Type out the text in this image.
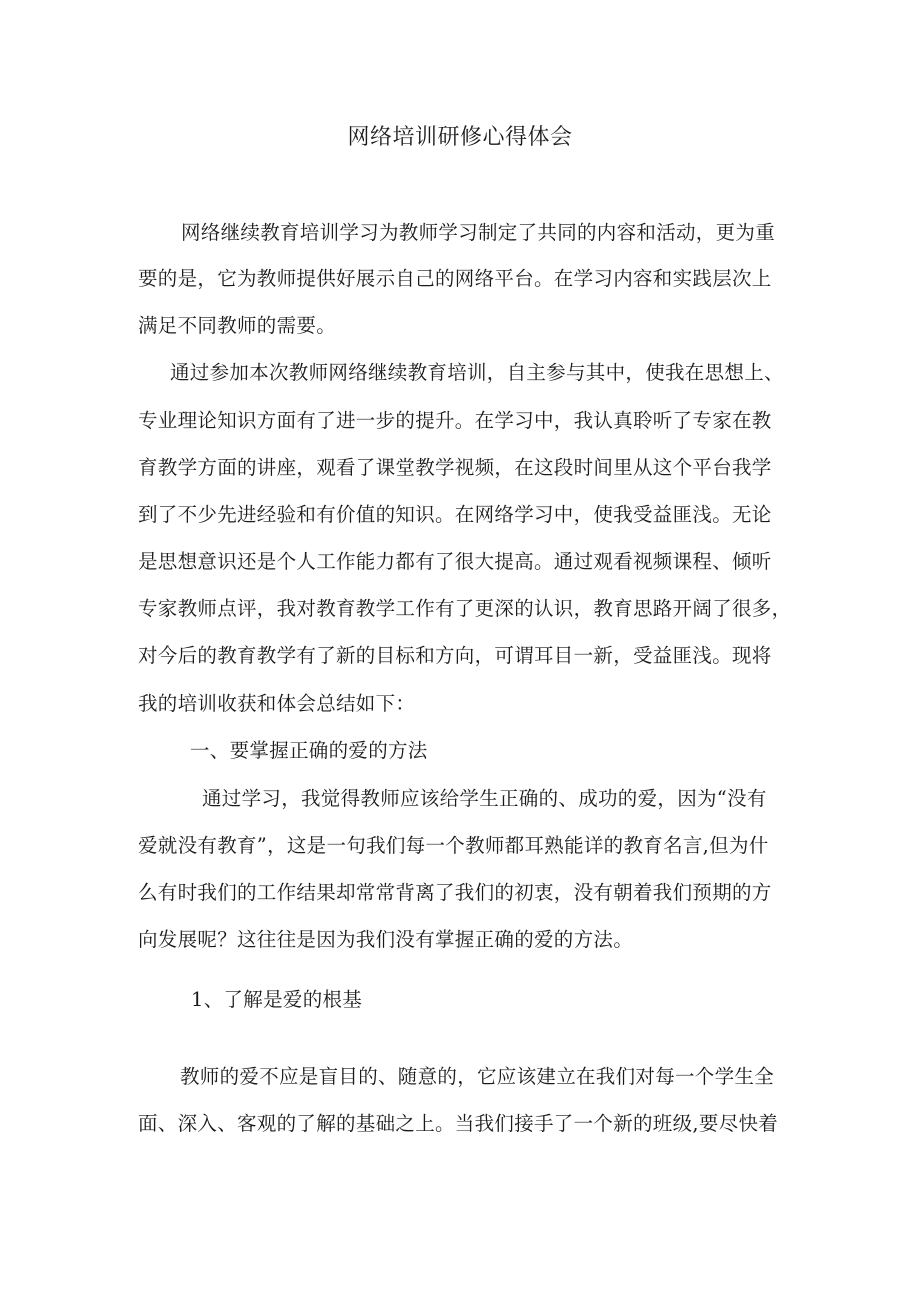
网络培训研修心得体会
网络继续教育培训学习为教师学习制定了共同的内容和活动，更为重
要的是，它为教师提供好展示自己的网络平台。在学习内容和实践层次上
满足不同教师的需要。
通过参加本次教师网络继续教育培训，自主参与其中，使我在思想上、
专业理论知识方面有了进一步的提升。在学习中，我认真聆听了专家在教
育教学方面的讲座，观看了课堂教学视频，在这段时间里从这个平台我学
到了不少先进经验和有价值的知识。在网络学习中，使我受益匪浅。无论
是思想意识还是个人工作能力都有了很大提高。通过观看视频课程、倾听
专家教师点评，我对教育教学工作有了更深的认识，教育思路开阔了很多，
对今后的教育教学有了新的目标和方向，可谓耳目一新，受益匪浅。现将
我的培训收获和体会总结如下：
一、要掌握正确的爱的方法
通过学习，我觉得教师应该给学生正确的、成功的爱，因为“没有
爱就没有教育”，这是一句我们每一个教师都耳熟能详的教育名言,但为什
么有时我们的工作结果却常常背离了我们的初衷，没有朝着我们预期的方
向发展呢？这往往是因为我们没有掌握正确的爱的方法。
1、了解是爱的根基
教师的爱不应是盲目的、随意的，它应该建立在我们对每一个学生全
面、深入、客观的了解的基础之上。当我们接手了一个新的班级,要尽快着
